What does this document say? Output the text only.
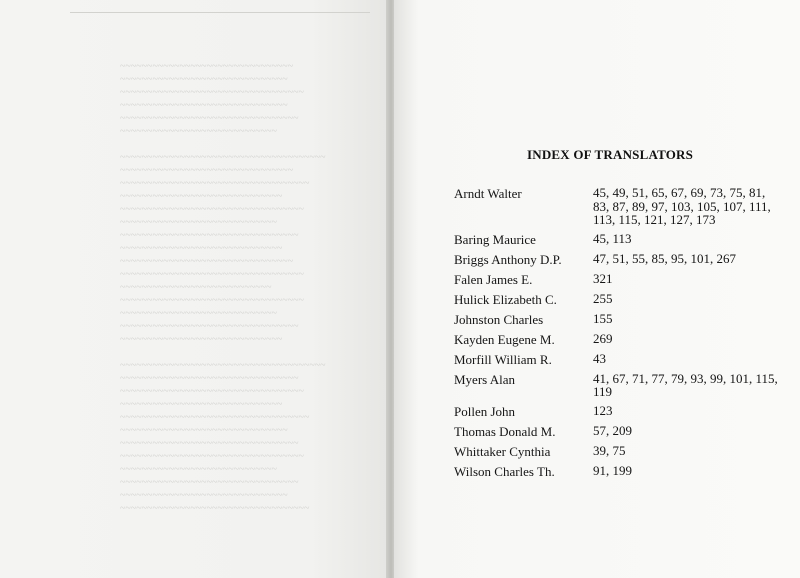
~~~~~~~~~~~~~~~~~~~~~~~~~~~~~~~~
~~~~~~~~~~~~~~~~~~~~~~~~~~~~~~~
~~~~~~~~~~~~~~~~~~~~~~~~~~~~~~~~~~
~~~~~~~~~~~~~~~~~~~~~~~~~~~~~~~
~~~~~~~~~~~~~~~~~~~~~~~~~~~~~~~~~
~~~~~~~~~~~~~~~~~~~~~~~~~~~~~

~~~~~~~~~~~~~~~~~~~~~~~~~~~~~~~~~~~~~~
~~~~~~~~~~~~~~~~~~~~~~~~~~~~~~~~
~~~~~~~~~~~~~~~~~~~~~~~~~~~~~~~~~~~
~~~~~~~~~~~~~~~~~~~~~~~~~~~~~~
~~~~~~~~~~~~~~~~~~~~~~~~~~~~~~~~~~
~~~~~~~~~~~~~~~~~~~~~~~~~~~~~
~~~~~~~~~~~~~~~~~~~~~~~~~~~~~~~~~
~~~~~~~~~~~~~~~~~~~~~~~~~~~~~~
~~~~~~~~~~~~~~~~~~~~~~~~~~~~~~~~
~~~~~~~~~~~~~~~~~~~~~~~~~~~~~~~~~~
~~~~~~~~~~~~~~~~~~~~~~~~~~~~
~~~~~~~~~~~~~~~~~~~~~~~~~~~~~~~~~~
~~~~~~~~~~~~~~~~~~~~~~~~~~~~~
~~~~~~~~~~~~~~~~~~~~~~~~~~~~~~~~~
~~~~~~~~~~~~~~~~~~~~~~~~~~~~~~

~~~~~~~~~~~~~~~~~~~~~~~~~~~~~~~~~~~~~~
~~~~~~~~~~~~~~~~~~~~~~~~~~~~~~~~~
~~~~~~~~~~~~~~~~~~~~~~~~~~~~~~~~~~
~~~~~~~~~~~~~~~~~~~~~~~~~~~~~~
~~~~~~~~~~~~~~~~~~~~~~~~~~~~~~~~~~~
~~~~~~~~~~~~~~~~~~~~~~~~~~~~~~~
~~~~~~~~~~~~~~~~~~~~~~~~~~~~~~~~~
~~~~~~~~~~~~~~~~~~~~~~~~~~~~~~~~~~
~~~~~~~~~~~~~~~~~~~~~~~~~~~~~
~~~~~~~~~~~~~~~~~~~~~~~~~~~~~~~~~
~~~~~~~~~~~~~~~~~~~~~~~~~~~~~~~
~~~~~~~~~~~~~~~~~~~~~~~~~~~~~~~~~~~
INDEX OF TRANSLATORS
Arndt Walter	45, 49, 51, 65, 67, 69, 73, 75, 81, 83, 87, 89, 97, 103, 105, 107, 111, 113, 115, 121, 127, 173
Baring Maurice	45, 113
Briggs Anthony D.P.	47, 51, 55, 85, 95, 101, 267
Falen James E.	321
Hulick Elizabeth C.	255
Johnston Charles	155
Kayden Eugene M.	269
Morfill William R.	43
Myers Alan	41, 67, 71, 77, 79, 93, 99, 101, 115, 119
Pollen John	123
Thomas Donald M.	57, 209
Whittaker Cynthia	39, 75
Wilson Charles Th.	91, 199
